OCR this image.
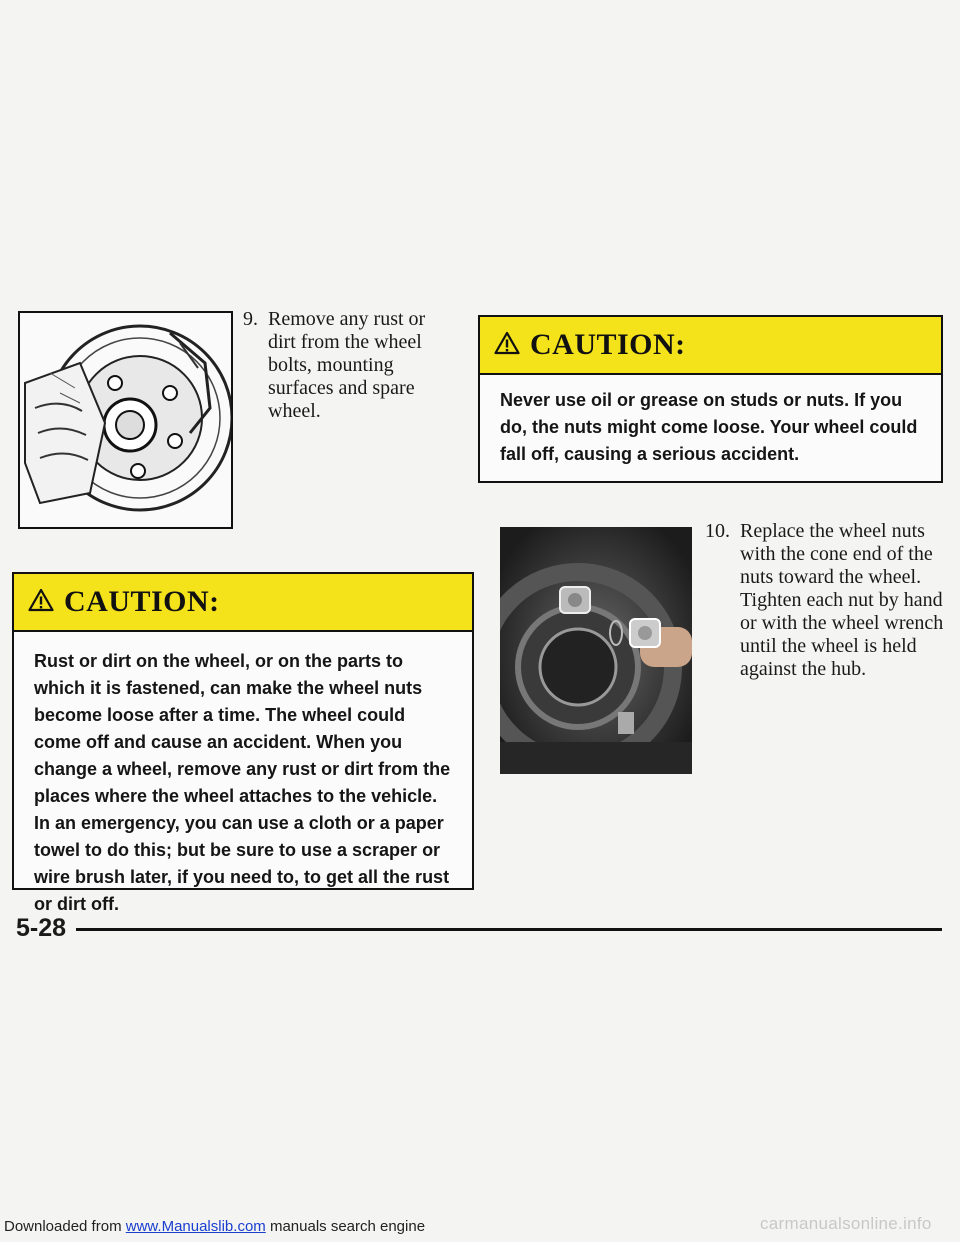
9. Remove any rust or dirt from the wheel bolts, mounting surfaces and spare wheel.
CAUTION:
Never use oil or grease on studs or nuts. If you do, the nuts might come loose. Your wheel could fall off, causing a serious accident.
CAUTION:
Rust or dirt on the wheel, or on the parts to which it is fastened, can make the wheel nuts become loose after a time. The wheel could come off and cause an accident. When you change a wheel, remove any rust or dirt from the places where the wheel attaches to the vehicle. In an emergency, you can use a cloth or a paper towel to do this; but be sure to use a scraper or wire brush later, if you need to, to get all the rust or dirt off.
10. Replace the wheel nuts with the cone end of the nuts toward the wheel. Tighten each nut by hand or with the wheel wrench until the wheel is held against the hub.
5-28
Downloaded from www.Manualslib.com manuals search engine	carmanualsonline.info
